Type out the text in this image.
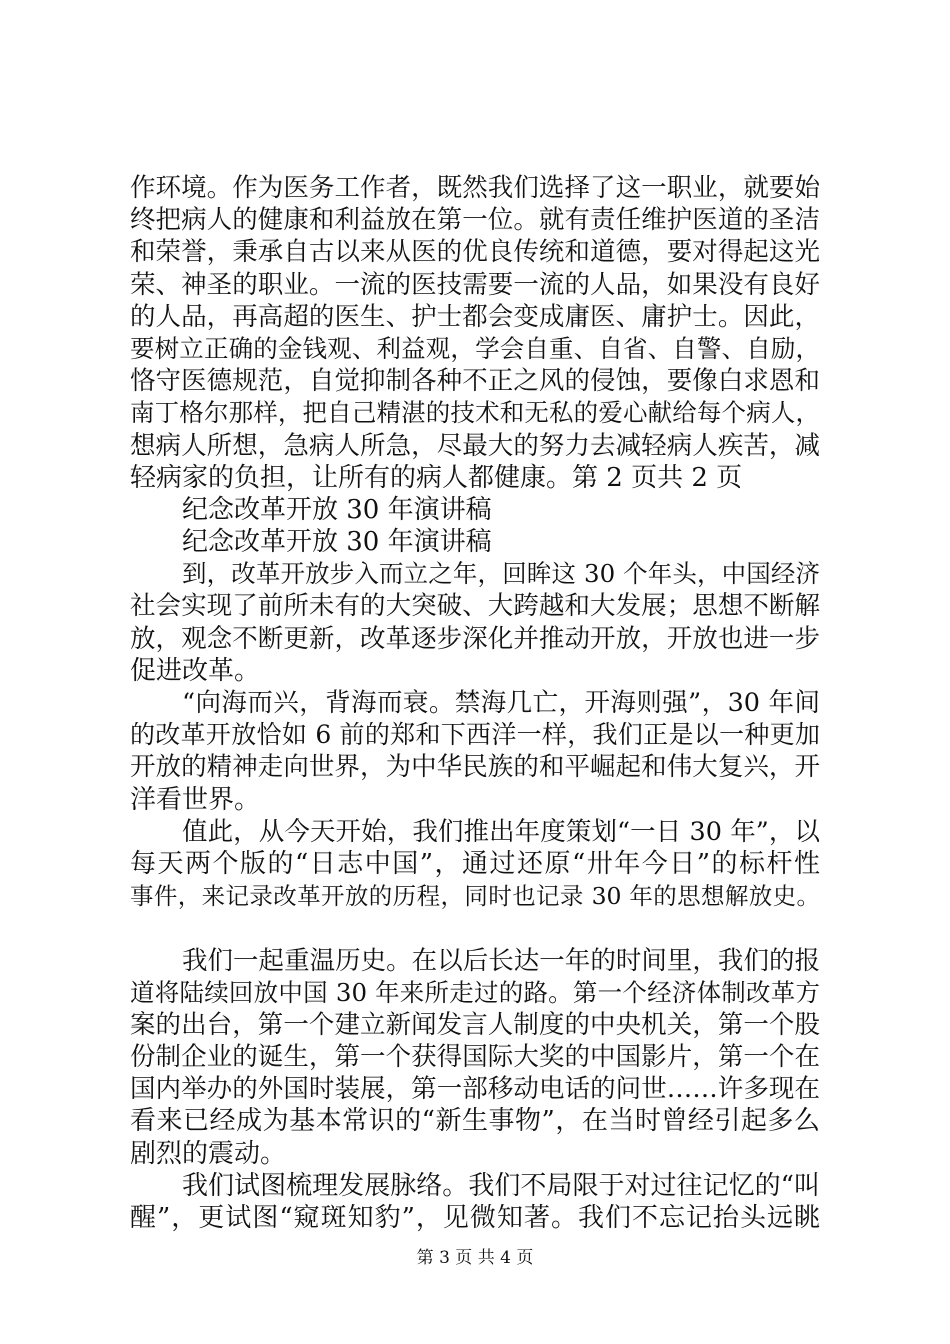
作环境。作为医务工作者，既然我们选择了这一职业，就要始
终把病人的健康和利益放在第一位。就有责任维护医道的圣洁
和荣誉，秉承自古以来从医的优良传统和道德，要对得起这光
荣、神圣的职业。一流的医技需要一流的人品，如果没有良好
的人品，再高超的医生、护士都会变成庸医、庸护士。因此，
要树立正确的金钱观、利益观，学会自重、自省、自警、自励，
恪守医德规范，自觉抑制各种不正之风的侵蚀，要像白求恩和
南丁格尔那样，把自己精湛的技术和无私的爱心献给每个病人，
想病人所想，急病人所急，尽最大的努力去减轻病人疾苦，减
轻病家的负担，让所有的病人都健康。第 2 页共 2 页
纪念改革开放 30 年演讲稿
纪念改革开放 30 年演讲稿
到，改革开放步入而立之年，回眸这 30 个年头，中国经济
社会实现了前所未有的大突破、大跨越和大发展；思想不断解
放，观念不断更新，改革逐步深化并推动开放，开放也进一步
促进改革。
“向海而兴，背海而衰。禁海几亡，开海则强”，30 年间
的改革开放恰如 6 前的郑和下西洋一样，我们正是以一种更加
开放的精神走向世界，为中华民族的和平崛起和伟大复兴，开
洋看世界。
值此，从今天开始，我们推出年度策划“一日 30 年”，以
每天两个版的“日志中国”，通过还原“卅年今日”的标杆性
事件，来记录改革开放的历程，同时也记录 30 年的思想解放史。
我们一起重温历史。在以后长达一年的时间里，我们的报
道将陆续回放中国 30 年来所走过的路。第一个经济体制改革方
案的出台，第一个建立新闻发言人制度的中央机关，第一个股
份制企业的诞生，第一个获得国际大奖的中国影片，第一个在
国内举办的外国时装展，第一部移动电话的问世……许多现在
看来已经成为基本常识的“新生事物”，在当时曾经引起多么
剧烈的震动。
我们试图梳理发展脉络。我们不局限于对过往记忆的“叫
醒”，更试图“窥斑知豹”，见微知著。我们不忘记抬头远眺
第 3 页 共 4 页
